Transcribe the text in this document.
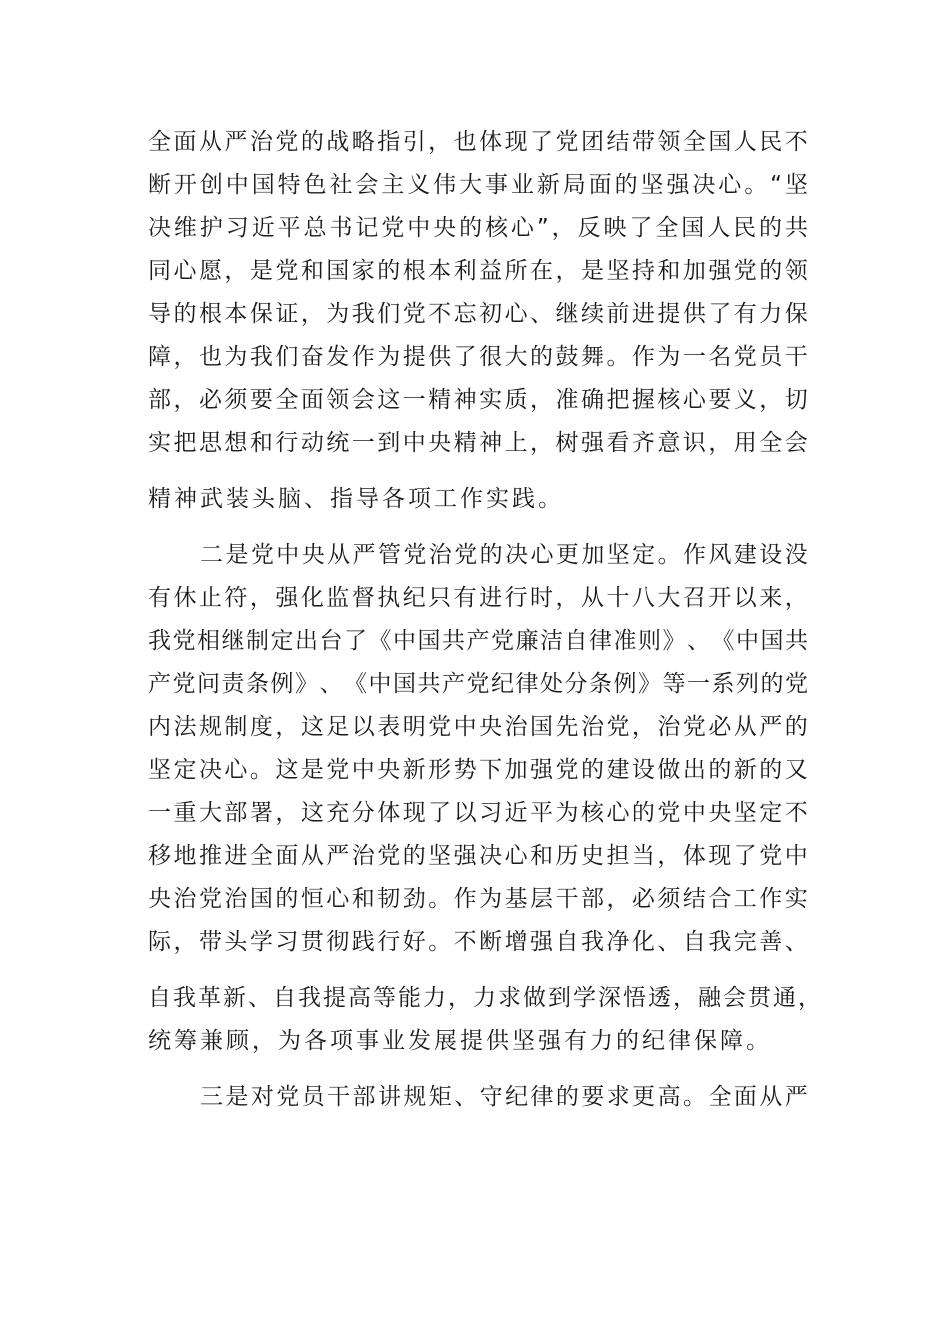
全 面 从 严 治 党 的 战 略 指 引 ， 也 体 现 了 党 团 结 带 领 全 国 人 民 不
断 开 创 中 国 特 色 社 会 主 义 伟 大 事 业 新 局 面 的 坚 强 决 心 。 “ 坚
决 维 护 习 近 平 总 书 记 党 中 央 的 核 心 ” ， 反 映 了 全 国 人 民 的 共
同 心 愿 ， 是 党 和 国 家 的 根 本 利 益 所 在 ， 是 坚 持 和 加 强 党 的 领
导 的 根 本 保 证 ， 为 我 们 党 不 忘 初 心 、 继 续 前 进 提 供 了 有 力 保
障 ， 也 为 我 们 奋 发 作 为 提 供 了 很 大 的 鼓 舞 。 作 为 一 名 党 员 干
部 ， 必 须 要 全 面 领 会 这 一 精 神 实 质 ， 准 确 把 握 核 心 要 义 ， 切
实 把 思 想 和 行 动 统 一 到 中 央 精 神 上 ， 树 强 看 齐 意 识 ， 用 全 会
精神武装头脑、指导各项工作实践。
二 是 党 中 央 从 严 管 党 治 党 的 决 心 更 加 坚 定 。 作 风 建 设 没
有 休 止 符 ， 强 化 监 督 执 纪 只 有 进 行 时 ， 从 十 八 大 召 开 以 来 ，
我 党 相 继 制 定 出 台 了 《 中 国 共 产 党 廉 洁 自 律 准 则 》 、 《 中 国 共
产 党 问 责 条 例 》 、 《 中 国 共 产 党 纪 律 处 分 条 例 》 等 一 系 列 的 党
内 法 规 制 度 ， 这 足 以 表 明 党 中 央 治 国 先 治 党 ， 治 党 必 从 严 的
坚 定 决 心 。 这 是 党 中 央 新 形 势 下 加 强 党 的 建 设 做 出 的 新 的 又
一 重 大 部 署 ， 这 充 分 体 现 了 以 习 近 平 为 核 心 的 党 中 央 坚 定 不
移 地 推 进 全 面 从 严 治 党 的 坚 强 决 心 和 历 史 担 当 ， 体 现 了 党 中
央 治 党 治 国 的 恒 心 和 韧 劲 。 作 为 基 层 干 部 ， 必 须 结 合 工 作 实
际 ， 带 头 学 习 贯 彻 践 行 好 。 不 断 增 强 自 我 净 化 、 自 我 完 善 、
自我革新、自我提高等能力，力求做到学深悟透，融会贯通，
统筹兼顾，为各项事业发展提供坚强有力的纪律保障。
三 是 对 党 员 干 部 讲 规 矩 、 守 纪 律 的 要 求 更 高 。 全 面 从 严
